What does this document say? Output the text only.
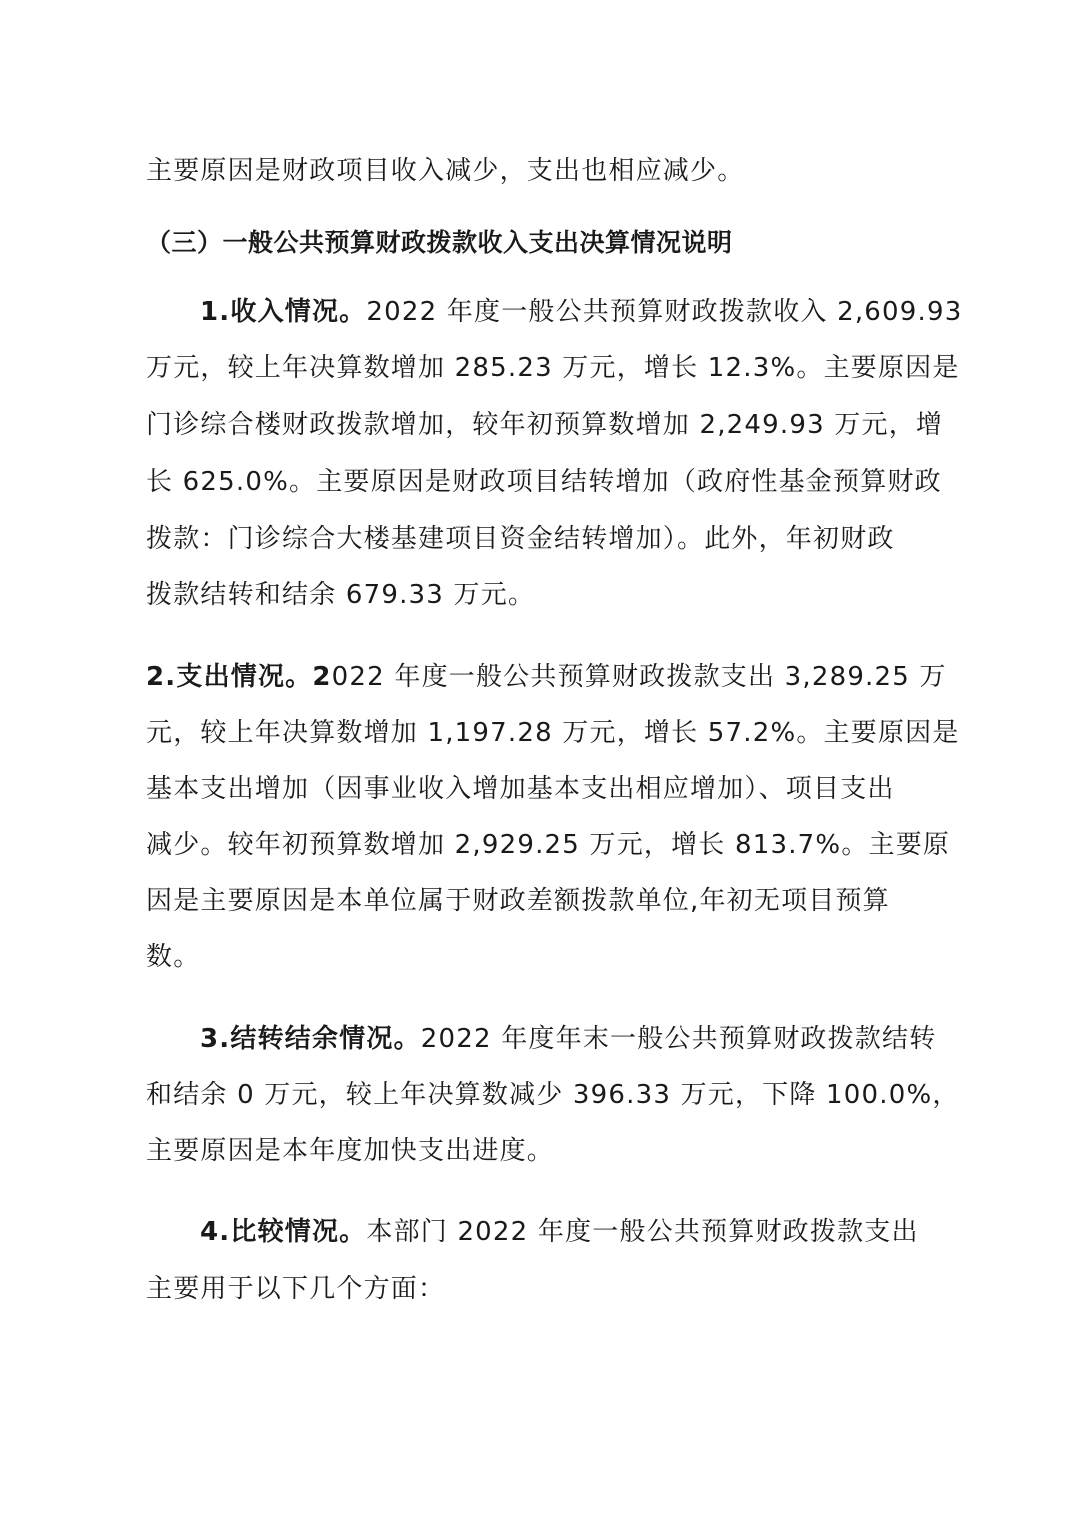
主要原因是财政项目收入减少，支出也相应减少。
（三）一般公共预算财政拨款收入支出决算情况说明
1.收入情况。2022 年度一般公共预算财政拨款收入 2,609.93
万元，较上年决算数增加 285.23 万元，增长 12.3%。主要原因是
门诊综合楼财政拨款增加，较年初预算数增加 2,249.93 万元，增
长 625.0%。主要原因是财政项目结转增加（政府性基金预算财政
拨款：门诊综合大楼基建项目资金结转增加）。此外，年初财政
拨款结转和结余 679.33 万元。
2.支出情况。2022 年度一般公共预算财政拨款支出 3,289.25 万
元，较上年决算数增加 1,197.28 万元，增长 57.2%。主要原因是
基本支出增加（因事业收入增加基本支出相应增加）、项目支出
减少。较年初预算数增加 2,929.25 万元，增长 813.7%。主要原
因是主要原因是本单位属于财政差额拨款单位,年初无项目预算
数。
3.结转结余情况。2022 年度年末一般公共预算财政拨款结转
和结余 0 万元，较上年决算数减少 396.33 万元，下降 100.0%，
主要原因是本年度加快支出进度。
4.比较情况。本部门 2022 年度一般公共预算财政拨款支出
主要用于以下几个方面：
